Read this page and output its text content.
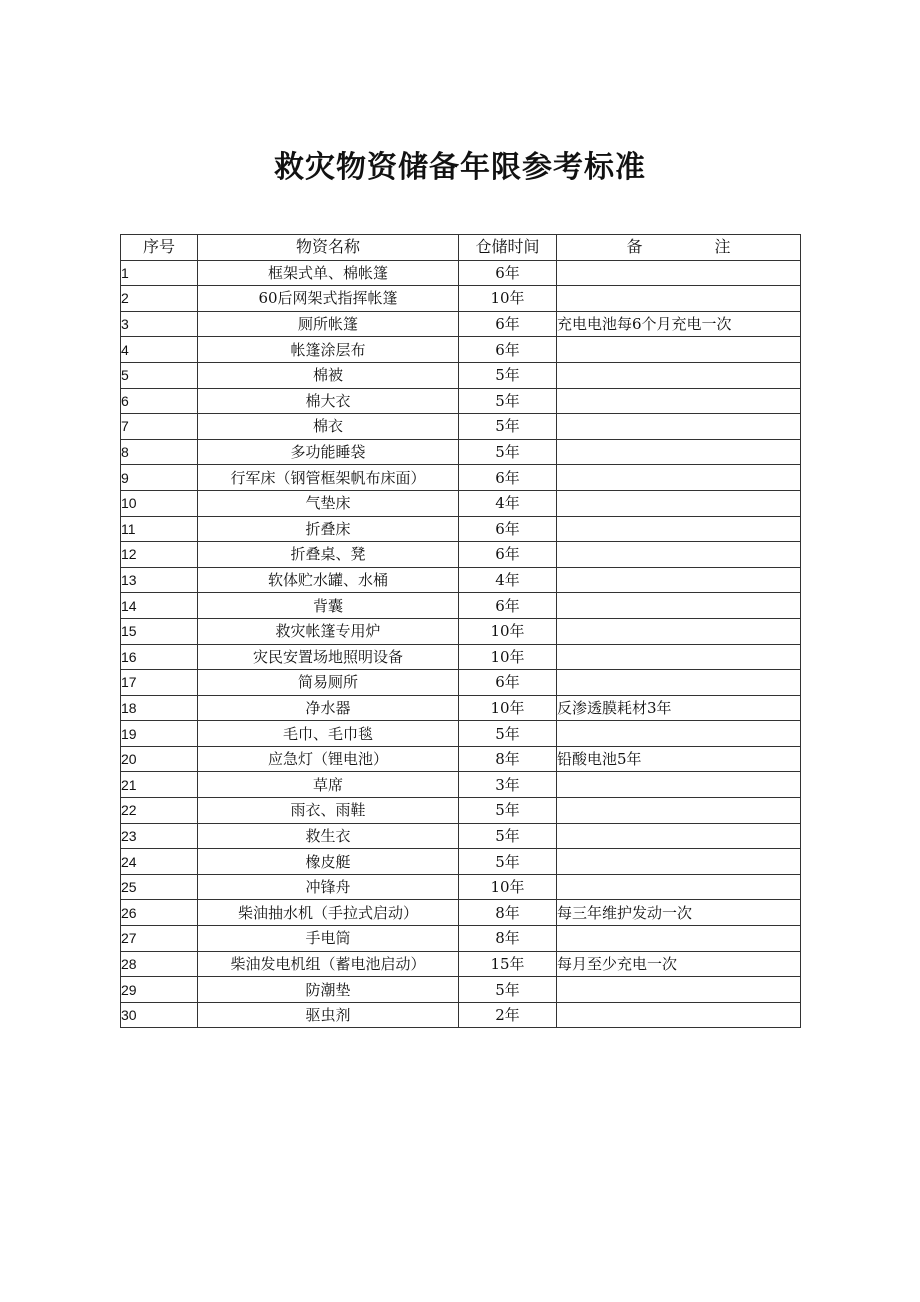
救灾物资储备年限参考标准
序号	物资名称	仓储时间	备 注
1	框架式单、棉帐篷	6年	
2	60后网架式指挥帐篷	10年	
3	厕所帐篷	6年	充电电池每6个月充电一次
4	帐篷涂层布	6年	
5	棉被	5年	
6	棉大衣	5年	
7	棉衣	5年	
8	多功能睡袋	5年	
9	行军床（钢管框架帆布床面）	6年	
10	气垫床	4年	
11	折叠床	6年	
12	折叠桌、凳	6年	
13	软体贮水罐、水桶	4年	
14	背囊	6年	
15	救灾帐篷专用炉	10年	
16	灾民安置场地照明设备	10年	
17	简易厕所	6年	
18	净水器	10年	反渗透膜耗材3年
19	毛巾、毛巾毯	5年	
20	应急灯（锂电池）	8年	铅酸电池5年
21	草席	3年	
22	雨衣、雨鞋	5年	
23	救生衣	5年	
24	橡皮艇	5年	
25	冲锋舟	10年	
26	柴油抽水机（手拉式启动）	8年	每三年维护发动一次
27	手电筒	8年	
28	柴油发电机组（蓄电池启动）	15年	每月至少充电一次
29	防潮垫	5年	
30	驱虫剂	2年	
